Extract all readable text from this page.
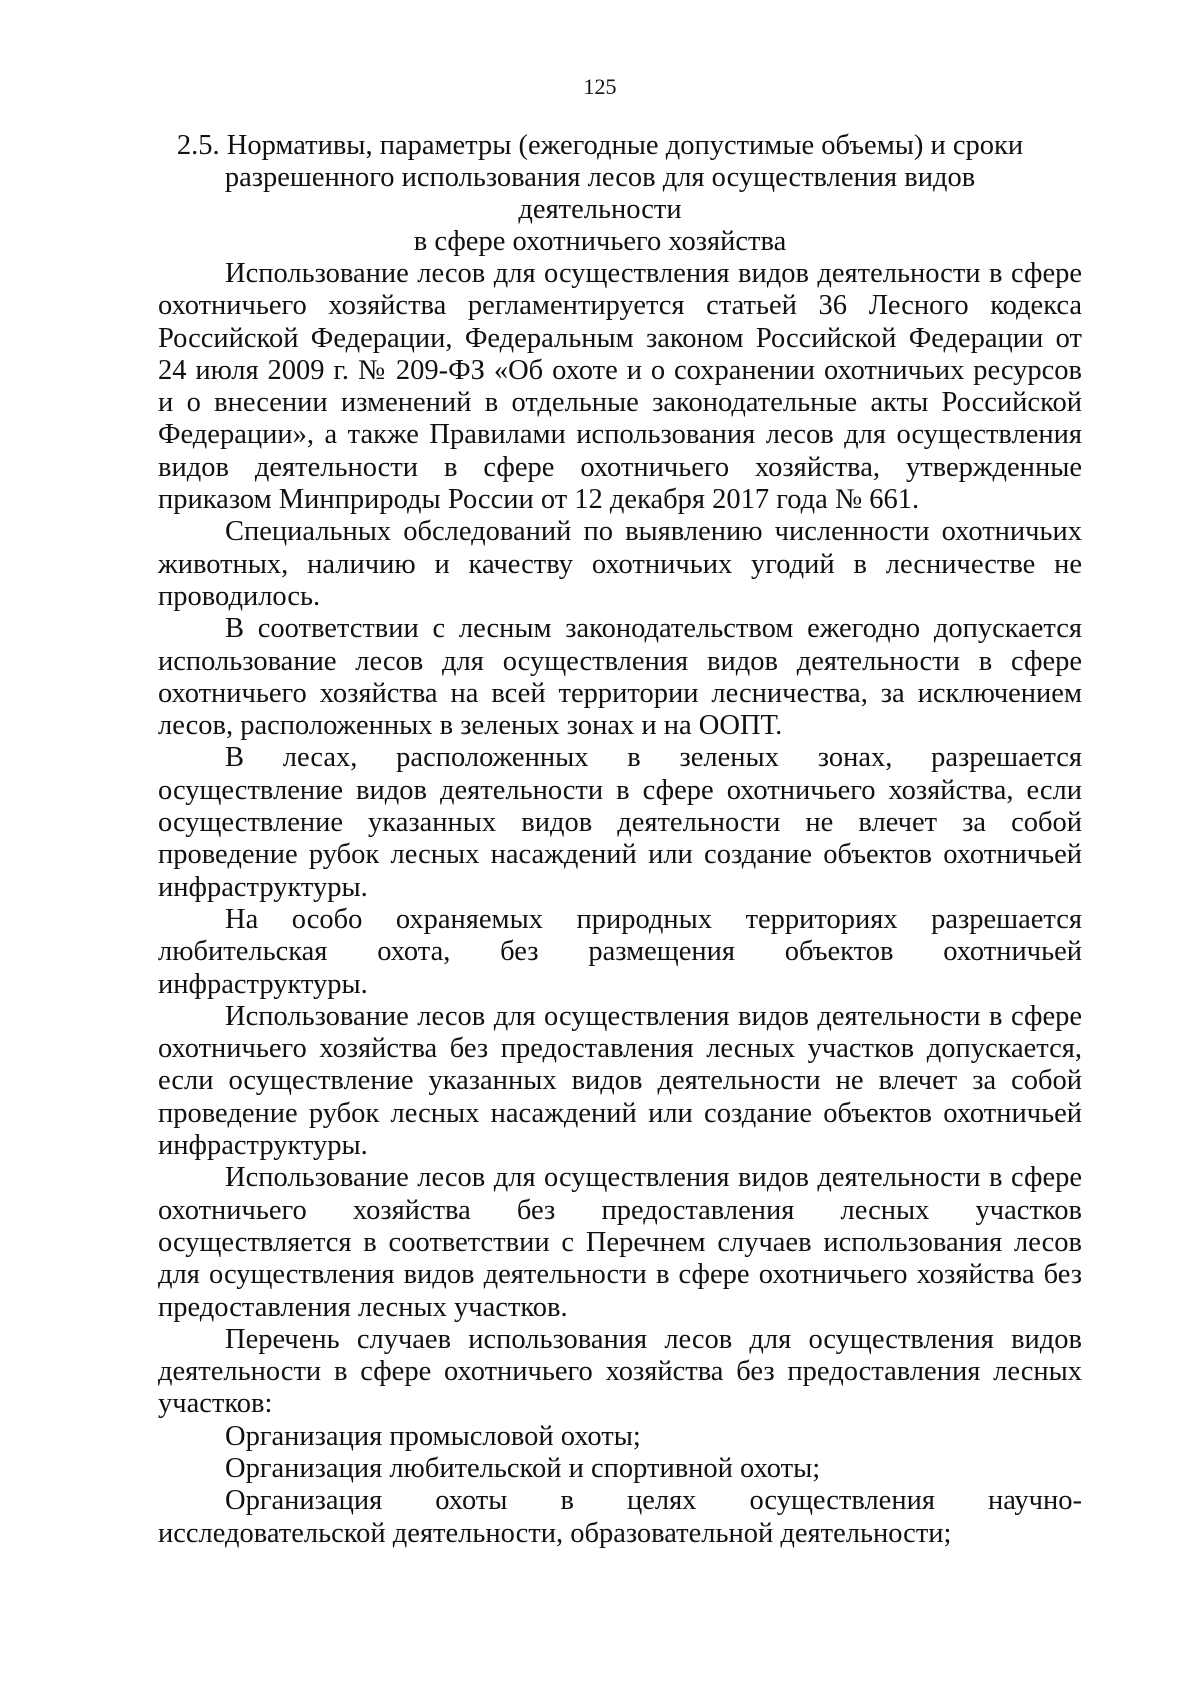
125

2.5. Нормативы, параметры (ежегодные допустимые объемы) и сроки
разрешенного использования лесов для осуществления видов деятельности
в сфере охотничьего хозяйства
Использование лесов для осуществления видов деятельности в сфере
охотничьего хозяйства регламентируется статьей 36 Лесного кодекса
Российской Федерации, Федеральным законом Российской Федерации от
24 июля 2009 г. № 209-ФЗ «Об охоте и о сохранении охотничьих ресурсов
и о внесении изменений в отдельные законодательные акты Российской
Федерации», а также Правилами использования лесов для осуществления
видов деятельности в сфере охотничьего хозяйства, утвержденные
приказом Минприроды России от 12 декабря 2017 года № 661.
Специальных обследований по выявлению численности охотничьих
животных, наличию и качеству охотничьих угодий в лесничестве не
проводилось.
В соответствии с лесным законодательством ежегодно допускается
использование лесов для осуществления видов деятельности в сфере
охотничьего хозяйства на всей территории лесничества, за исключением
лесов, расположенных в зеленых зонах и на ООПТ.
В лесах, расположенных в зеленых зонах, разрешается
осуществление видов деятельности в сфере охотничьего хозяйства, если
осуществление указанных видов деятельности не влечет за собой
проведение рубок лесных насаждений или создание объектов охотничьей
инфраструктуры.
На особо охраняемых природных территориях разрешается
любительская охота, без размещения объектов охотничьей
инфраструктуры.
Использование лесов для осуществления видов деятельности в сфере
охотничьего хозяйства без предоставления лесных участков допускается,
если осуществление указанных видов деятельности не влечет за собой
проведение рубок лесных насаждений или создание объектов охотничьей
инфраструктуры.
Использование лесов для осуществления видов деятельности в сфере
охотничьего хозяйства без предоставления лесных участков
осуществляется в соответствии с Перечнем случаев использования лесов
для осуществления видов деятельности в сфере охотничьего хозяйства без
предоставления лесных участков.
Перечень случаев использования лесов для осуществления видов
деятельности в сфере охотничьего хозяйства без предоставления лесных
участков:
Организация промысловой охоты;
Организация любительской и спортивной охоты;
Организация охоты в целях осуществления научно-
исследовательской деятельности, образовательной деятельности;
